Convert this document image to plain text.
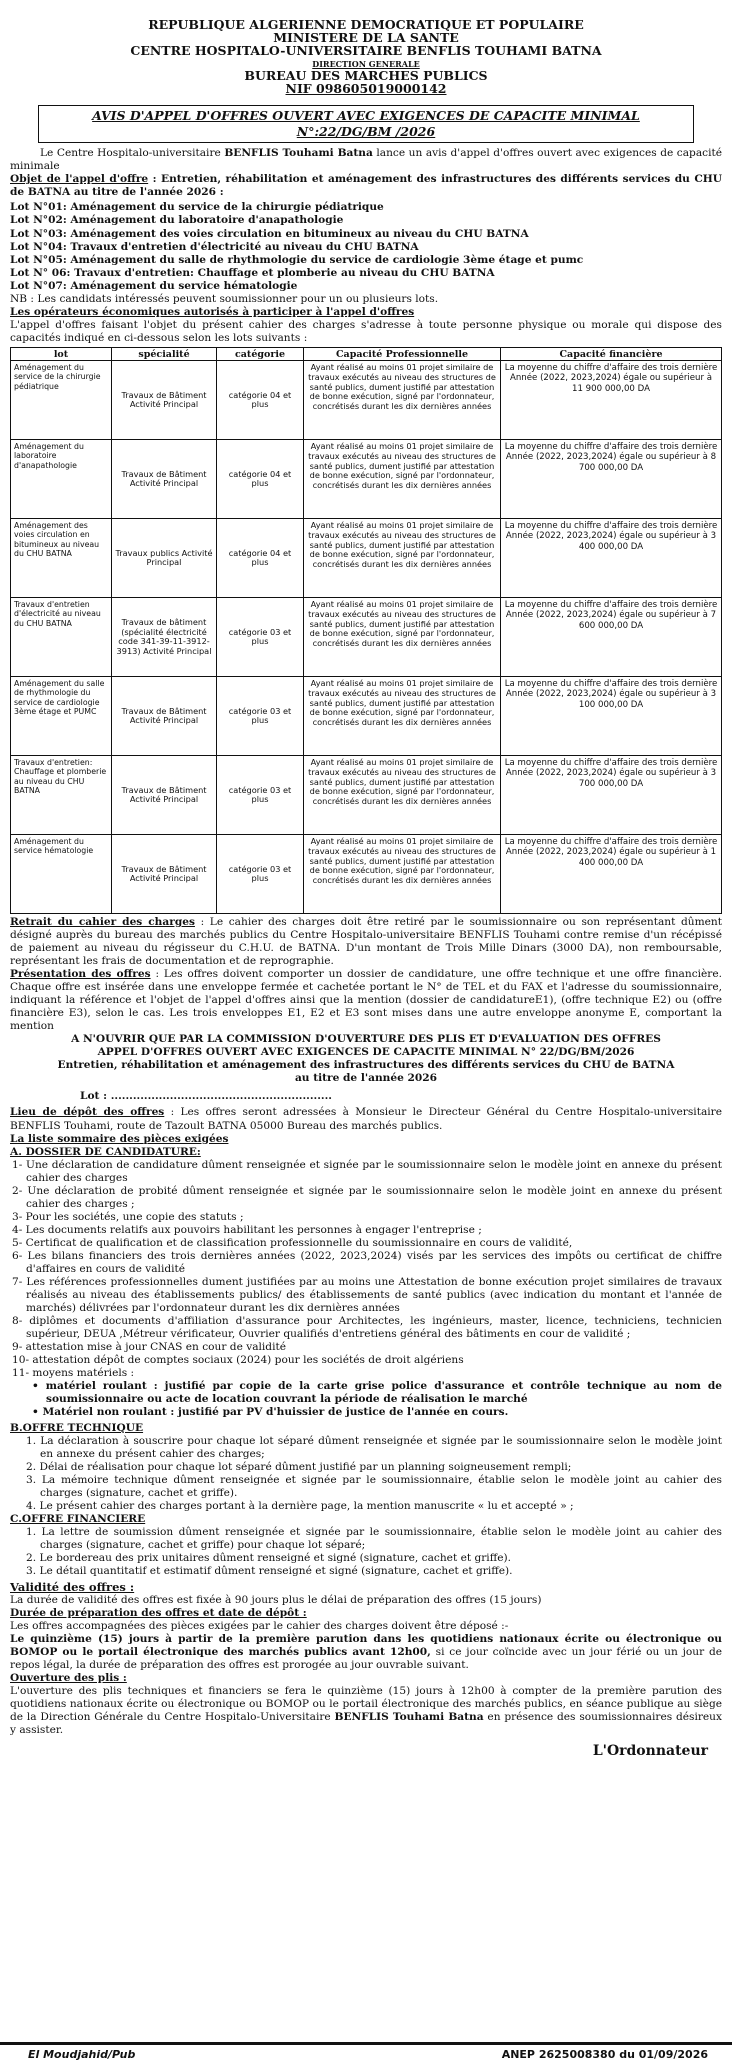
REPUBLIQUE ALGERIENNE DEMOCRATIQUE ET POPULAIRE
MINISTERE DE LA SANTE
CENTRE HOSPITALO-UNIVERSITAIRE BENFLIS TOUHAMI BATNA
DIRECTION GENERALE
BUREAU DES MARCHES PUBLICS
NIF 098605019000142
AVIS D'APPEL D'OFFRES OUVERT AVEC EXIGENCES DE CAPACITE MINIMAL
N°:22/DG/BM /2026
Le Centre Hospitalo-universitaire BENFLIS Touhami Batna lance un avis d'appel d'offres ouvert avec exigences de capacité minimale
Objet de l'appel d'offre : Entretien, réhabilitation et aménagement des infrastructures des différents services du CHU de BATNA au titre de l'année 2026 :
Lot N°01: Aménagement du service de la chirurgie pédiatrique
Lot N°02: Aménagement du laboratoire d'anapathologie
Lot N°03: Aménagement des voies circulation en bitumineux au niveau du CHU BATNA
Lot N°04: Travaux d'entretien d'électricité au niveau du CHU BATNA
Lot N°05: Aménagement du salle de rhythmologie du service de cardiologie 3ème étage et pumc
Lot N° 06: Travaux d'entretien: Chauffage et plomberie au niveau du CHU BATNA
Lot N°07: Aménagement du service hématologie
NB : Les candidats intéressés peuvent soumissionner pour un ou plusieurs lots.
Les opérateurs économiques autorisés à participer à l'appel d'offres
L'appel d'offres faisant l'objet du présent cahier des charges s'adresse à toute personne physique ou morale qui dispose des capacités indiqué en ci-dessous selon les lots suivants :
lot	spécialité	catégorie	Capacité Professionnelle	Capacité financière
Aménagement du service de la chirurgie pédiatrique	Travaux de Bâtiment Activité Principal	catégorie 04 et plus	Ayant réalisé au moins 01 projet similaire de travaux exécutés au niveau des structures de santé publics, dument justifié par attestation de bonne exécution, signé par l'ordonnateur, concrétisés durant les dix dernières années	La moyenne du chiffre d'affaire des trois dernière Année (2022, 2023,2024) égale ou supérieur à 11 900 000,00 DA
Aménagement du laboratoire d'anapathologie	Travaux de Bâtiment Activité Principal	catégorie 04 et plus	Ayant réalisé au moins 01 projet similaire de travaux exécutés au niveau des structures de santé publics, dument justifié par attestation de bonne exécution, signé par l'ordonnateur, concrétisés durant les dix dernières années	La moyenne du chiffre d'affaire des trois dernière Année (2022, 2023,2024) égale ou supérieur à 8 700 000,00 DA
Aménagement des voies circulation en bitumineux au niveau du CHU BATNA	Travaux publics Activité Principal	catégorie 04 et plus	Ayant réalisé au moins 01 projet similaire de travaux exécutés au niveau des structures de santé publics, dument justifié par attestation de bonne exécution, signé par l'ordonnateur, concrétisés durant les dix dernières années	La moyenne du chiffre d'affaire des trois dernière Année (2022, 2023,2024) égale ou supérieur à 3 400 000,00 DA
Travaux d'entretien d'électricité au niveau du CHU BATNA	Travaux de bâtiment (spécialité électricité code 341-39-11-3912-3913) Activité Principal	catégorie 03 et plus	Ayant réalisé au moins 01 projet similaire de travaux exécutés au niveau des structures de santé publics, dument justifié par attestation de bonne exécution, signé par l'ordonnateur, concrétisés durant les dix dernières années	La moyenne du chiffre d'affaire des trois dernière Année (2022, 2023,2024) égale ou supérieur à 7 600 000,00 DA
Aménagement du salle de rhythmologie du service de cardiologie 3ème étage et PUMC	Travaux de Bâtiment Activité Principal	catégorie 03 et plus	Ayant réalisé au moins 01 projet similaire de travaux exécutés au niveau des structures de santé publics, dument justifié par attestation de bonne exécution, signé par l'ordonnateur, concrétisés durant les dix dernières années	La moyenne du chiffre d'affaire des trois dernière Année (2022, 2023,2024) égale ou supérieur à 3 100 000,00 DA
Travaux d'entretien: Chauffage et plomberie au niveau du CHU BATNA	Travaux de Bâtiment Activité Principal	catégorie 03 et plus	Ayant réalisé au moins 01 projet similaire de travaux exécutés au niveau des structures de santé publics, dument justifié par attestation de bonne exécution, signé par l'ordonnateur, concrétisés durant les dix dernières années	La moyenne du chiffre d'affaire des trois dernière Année (2022, 2023,2024) égale ou supérieur à 3 700 000,00 DA
Aménagement du service hématologie	Travaux de Bâtiment Activité Principal	catégorie 03 et plus	Ayant réalisé au moins 01 projet similaire de travaux exécutés au niveau des structures de santé publics, dument justifié par attestation de bonne exécution, signé par l'ordonnateur, concrétisés durant les dix dernières années	La moyenne du chiffre d'affaire des trois dernière Année (2022, 2023,2024) égale ou supérieur à 1 400 000,00 DA
Retrait du cahier des charges : Le cahier des charges doit être retiré par le soumissionnaire ou son représentant dûment désigné auprès du bureau des marchés publics du Centre Hospitalo-universitaire BENFLIS Touhami contre remise d'un récépissé de paiement au niveau du régisseur du C.H.U. de BATNA. D'un montant de Trois Mille Dinars (3000 DA), non remboursable, représentant les frais de documentation et de reprographie.
Présentation des offres : Les offres doivent comporter un dossier de candidature, une offre technique et une offre financière. Chaque offre est insérée dans une enveloppe fermée et cachetée portant le N° de TEL et du FAX et l'adresse du soumissionnaire, indiquant la référence et l'objet de l'appel d'offres ainsi que la mention (dossier de candidatureE1), (offre technique E2) ou (offre financière E3), selon le cas. Les trois enveloppes E1, E2 et E3 sont mises dans une autre enveloppe anonyme E, comportant la mention
A N'OUVRIR QUE PAR LA COMMISSION D'OUVERTURE DES PLIS ET D'EVALUATION DES OFFRES
APPEL D'OFFRES OUVERT AVEC EXIGENCES DE CAPACITE MINIMAL N° 22/DG/BM/2026
Entretien, réhabilitation et aménagement des infrastructures des différents services du CHU de BATNA
au titre de l'année 2026
Lot : ............................................................
Lieu de dépôt des offres : Les offres seront adressées à Monsieur le Directeur Général du Centre Hospitalo-universitaire BENFLIS Touhami, route de Tazoult BATNA 05000 Bureau des marchés publics.
La liste sommaire des pièces exigées
A. DOSSIER DE CANDIDATURE:
1- Une déclaration de candidature dûment renseignée et signée par le soumissionnaire selon le modèle joint en annexe du présent cahier des charges
2- Une déclaration de probité dûment renseignée et signée par le soumissionnaire selon le modèle joint en annexe du présent cahier des charges ;
3- Pour les sociétés, une copie des statuts ;
4- Les documents relatifs aux pouvoirs habilitant les personnes à engager l'entreprise ;
5- Certificat de qualification et de classification professionnelle du soumissionnaire en cours de validité,
6- Les bilans financiers des trois dernières années (2022, 2023,2024) visés par les services des impôts ou certificat de chiffre d'affaires en cours de validité
7- Les références professionnelles dument justifiées par au moins une Attestation de bonne exécution projet similaires de travaux réalisés au niveau des établissements publics/ des établissements de santé publics (avec indication du montant et l'année de marchés) délivrées par l'ordonnateur durant les dix dernières années
8- diplômes et documents d'affiliation d'assurance pour Architectes, les ingénieurs, master, licence, techniciens, technicien supérieur, DEUA ,Métreur vérificateur, Ouvrier qualifiés d'entretiens général des bâtiments en cour de validité ;
9- attestation mise à jour CNAS en cour de validité
10- attestation dépôt de comptes sociaux (2024) pour les sociétés de droit algériens
11- moyens matériels :
• matériel roulant : justifié par copie de la carte grise police d'assurance et contrôle technique au nom de soumissionnaire ou acte de location couvrant la période de réalisation le marché
• Matériel non roulant : justifié par PV d'huissier de justice de l'année en cours.
B.OFFRE TECHNIQUE
1. La déclaration à souscrire pour chaque lot séparé dûment renseignée et signée par le soumissionnaire selon le modèle joint en annexe du présent cahier des charges;
2. Délai de réalisation pour chaque lot séparé dûment justifié par un planning soigneusement rempli;
3. La mémoire technique dûment renseignée et signée par le soumissionnaire, établie selon le modèle joint au cahier des charges (signature, cachet et griffe).
4. Le présent cahier des charges portant à la dernière page, la mention manuscrite « lu et accepté » ;
C.OFFRE FINANCIERE
1. La lettre de soumission dûment renseignée et signée par le soumissionnaire, établie selon le modèle joint au cahier des charges (signature, cachet et griffe) pour chaque lot séparé;
2. Le bordereau des prix unitaires dûment renseigné et signé (signature, cachet et griffe).
3. Le détail quantitatif et estimatif dûment renseigné et signé (signature, cachet et griffe).
Validité des offres :
La durée de validité des offres est fixée à 90 jours plus le délai de préparation des offres (15 jours)
Durée de préparation des offres et date de dépôt :
Les offres accompagnées des pièces exigées par le cahier des charges doivent être déposé :-
Le quinzième (15) jours à partir de la première parution dans les quotidiens nationaux écrite ou électronique ou BOMOP ou le portail électronique des marchés publics avant 12h00, si ce jour coïncide avec un jour férié ou un jour de repos légal, la durée de préparation des offres est prorogée au jour ouvrable suivant.
Ouverture des plis :
L'ouverture des plis techniques et financiers se fera le quinzième (15) jours à 12h00 à compter de la première parution des quotidiens nationaux écrite ou électronique ou BOMOP ou le portail électronique des marchés publics, en séance publique au siège de la Direction Générale du Centre Hospitalo-Universitaire BENFLIS Touhami Batna en présence des soumissionnaires désireux y assister.
L'Ordonnateur
El Moudjahid/Pub	ANEP 2625008380 du 01/09/2026
